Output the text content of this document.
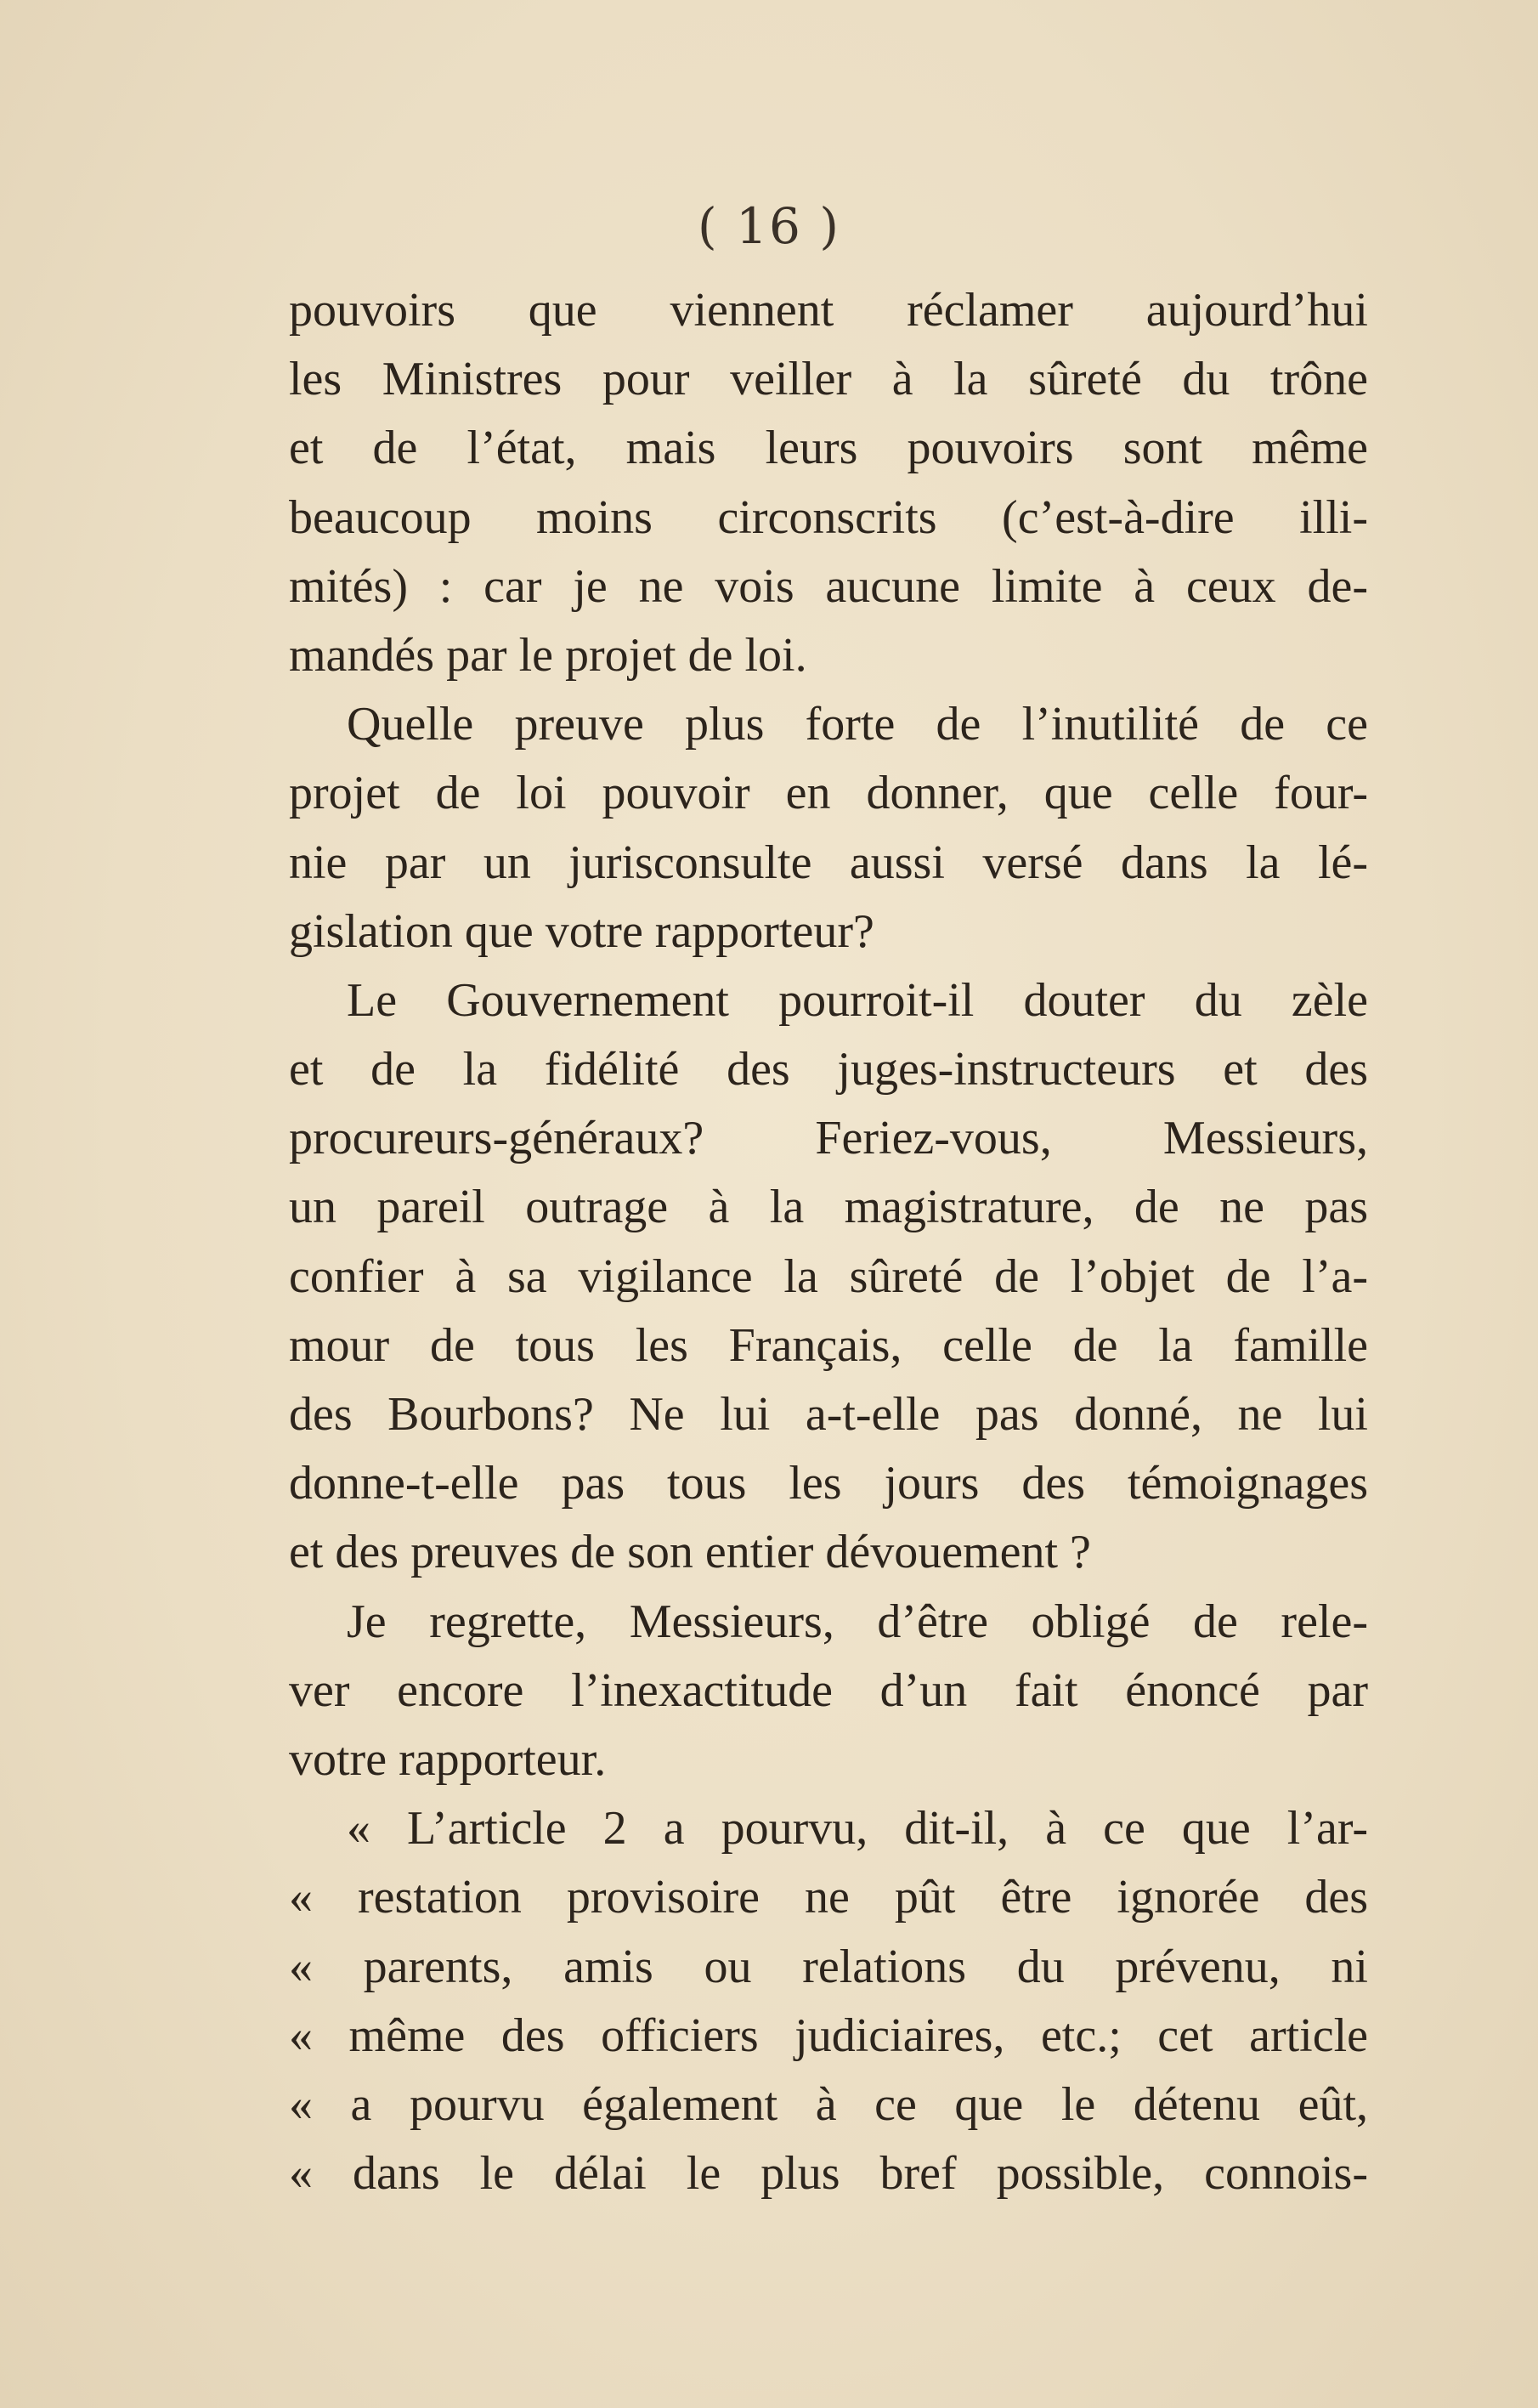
( 16 )
pouvoirs que viennent réclamer aujourd’hui
les Ministres pour veiller à la sûreté du trône
et de l’état, mais leurs pouvoirs sont même
beaucoup moins circonscrits (c’est-à-dire illi-
mités) : car je ne vois aucune limite à ceux de-
mandés par le projet de loi.
Quelle preuve plus forte de l’inutilité de ce
projet de loi pouvoir en donner, que celle four-
nie par un jurisconsulte aussi versé dans la lé-
gislation que votre rapporteur?
Le Gouvernement pourroit-il douter du zèle
et de la fidélité des juges-instructeurs et des
procureurs-généraux? Feriez-vous, Messieurs,
un pareil outrage à la magistrature, de ne pas
confier à sa vigilance la sûreté de l’objet de l’a-
mour de tous les Français, celle de la famille
des Bourbons? Ne lui a-t-elle pas donné, ne lui
donne-t-elle pas tous les jours des témoignages
et des preuves de son entier dévouement ?
Je regrette, Messieurs, d’être obligé de rele-
ver encore l’inexactitude d’un fait énoncé par
votre rapporteur.
« L’article 2 a pourvu, dit-il, à ce que l’ar-
« restation provisoire ne pût être ignorée des
« parents, amis ou relations du prévenu, ni
« même des officiers judiciaires, etc.; cet article
« a pourvu également à ce que le détenu eût,
« dans le délai le plus bref possible, connois-
